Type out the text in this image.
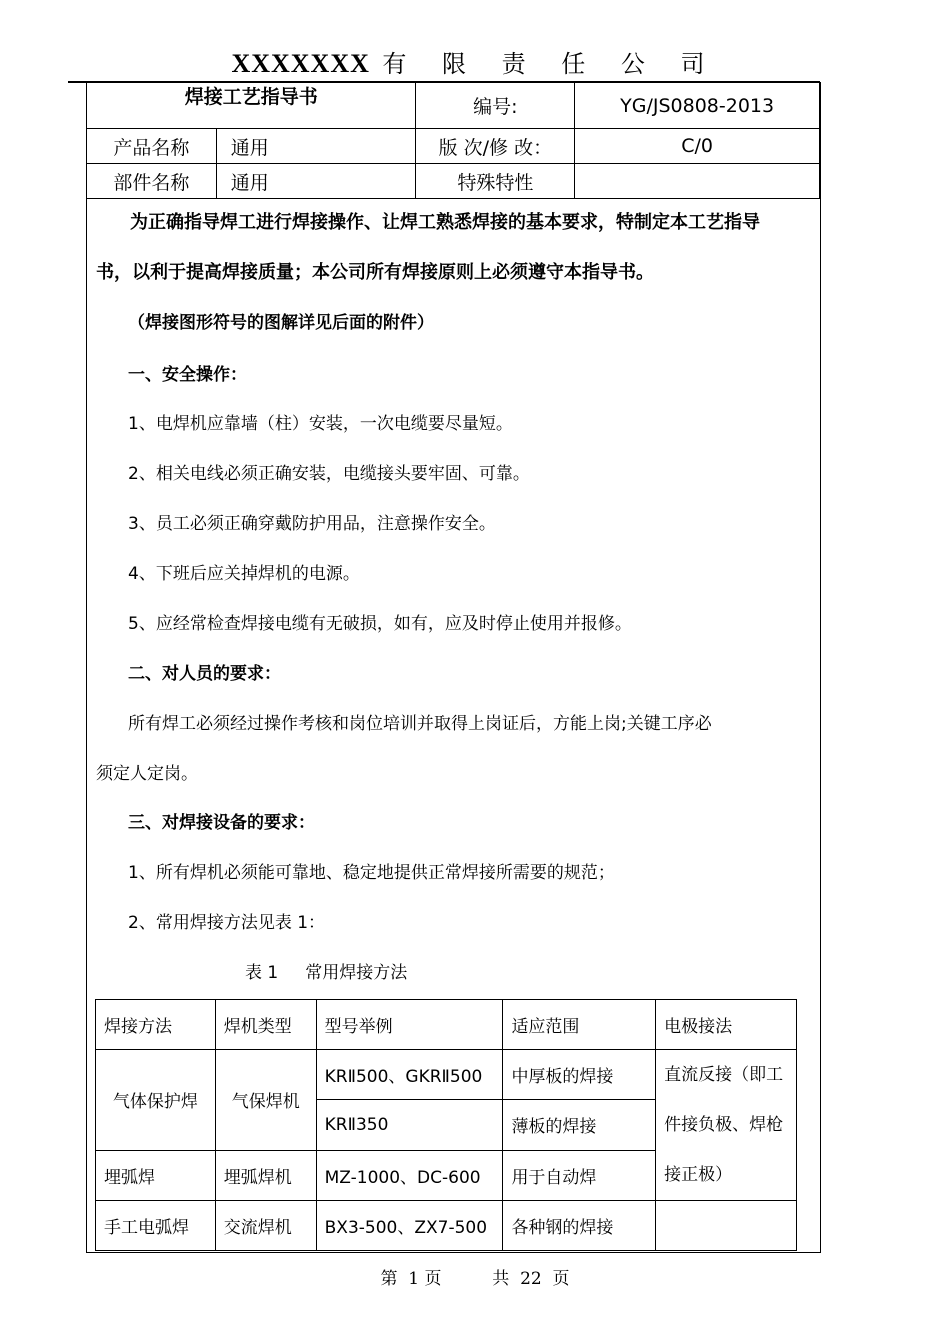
XXXXXXX 有 限 责 任 公 司
焊接工艺指导书		编号:	YG/JS0808-2013
产品名称	通用	版 次/修 改：	C/0
部件名称	通用	特殊特性	
为正确指导焊工进行焊接操作、让焊工熟悉焊接的基本要求，特制定本工艺指导
书，以利于提高焊接质量；本公司所有焊接原则上必须遵守本指导书。
（焊接图形符号的图解详见后面的附件）
一、安全操作：
1、电焊机应靠墙（柱）安装，一次电缆要尽量短。
2、相关电线必须正确安装，电缆接头要牢固、可靠。
3、员工必须正确穿戴防护用品，注意操作安全。
4、下班后应关掉焊机的电源。
5、应经常检查焊接电缆有无破损，如有，应及时停止使用并报修。
二、对人员的要求：
所有焊工必须经过操作考核和岗位培训并取得上岗证后，方能上岗;关键工序必
须定人定岗。
三、对焊接设备的要求：
1、所有焊机必须能可靠地、稳定地提供正常焊接所需要的规范；
2、常用焊接方法见表 1：
表 1     常用焊接方法
焊接方法	焊机类型	型号举例	适应范围	电极接法
气体保护焊	气保焊机	KRⅡ500、GKRⅡ500	中厚板的焊接	直流反接（即工
件接负极、焊枪
接正极）

		KRⅡ350	薄板的焊接	
埋弧焊	埋弧焊机	MZ-1000、DC-600	用于自动焊	
手工电弧焊	交流焊机	BX3-500、ZX7-500	各种钢的焊接	
第  1 页	共  22  页
